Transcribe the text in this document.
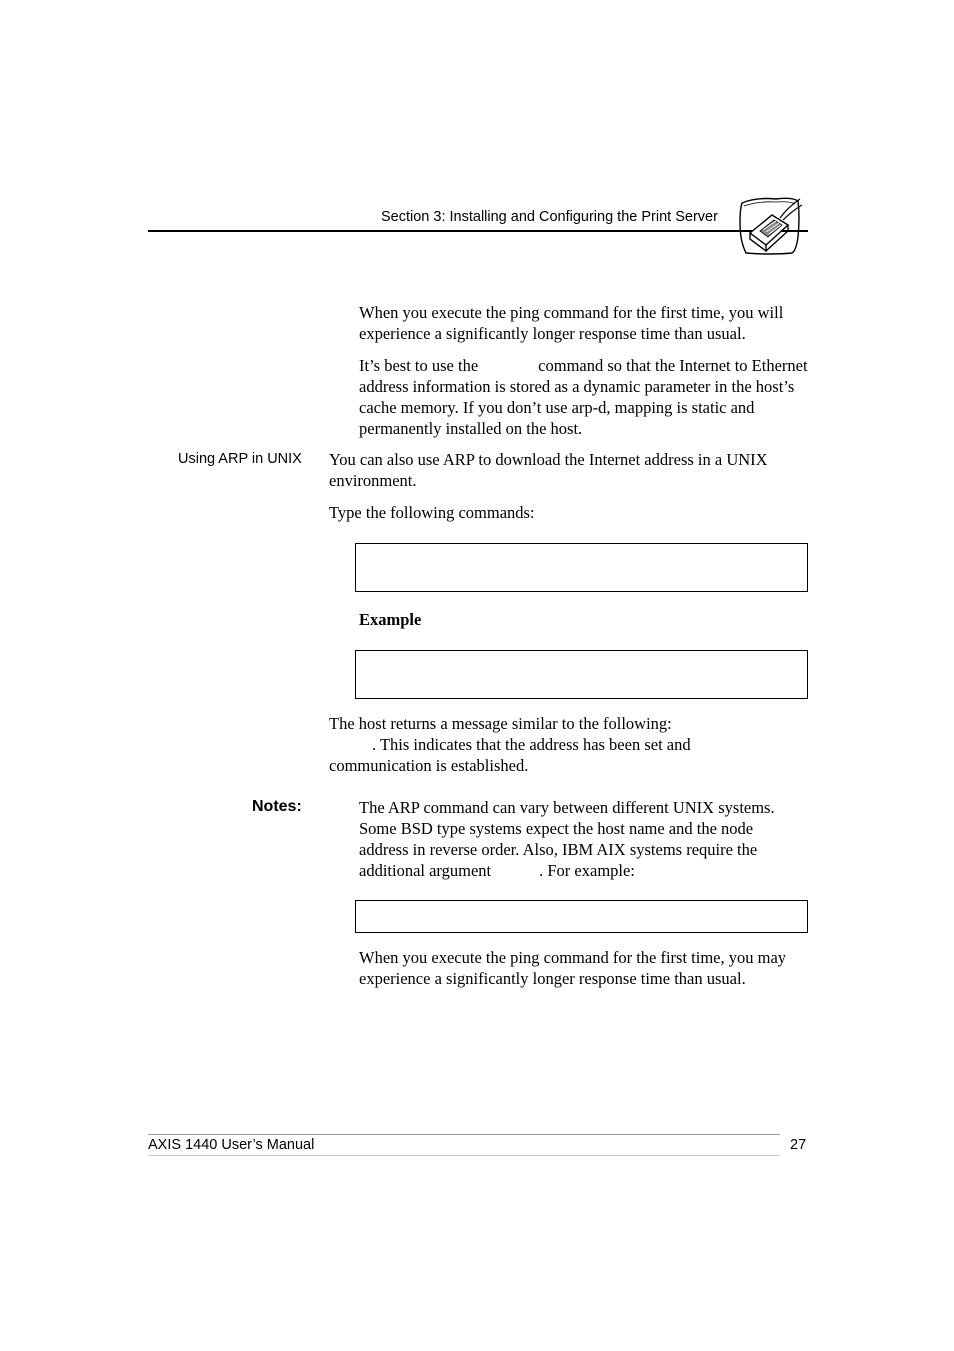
Section 3: Installing and Configuring the Print Server

When you execute the ping command for the first time, you will experience a significantly longer response time than usual.

It’s best to use the	command so that the Internet to Ethernet address information is stored as a dynamic parameter in the host’s cache memory. If you don’t use arp-d, mapping is static and permanently installed on the host.

Using ARP in UNIX You can also use ARP to download the Internet address in a UNIX environment.

Type the following commands:

Example
The host returns a message similar to the following:
. This indicates that the address has been set and
communication is established.
Notes:	The ARP command can vary between different UNIX systems. Some BSD type systems expect the host name and the node address in reverse order. Also, IBM AIX systems require the additional argument	. For example:

When you execute the ping command for the first time, you may experience a significantly longer response time than usual.

AXIS 1440 User’s Manual	27
